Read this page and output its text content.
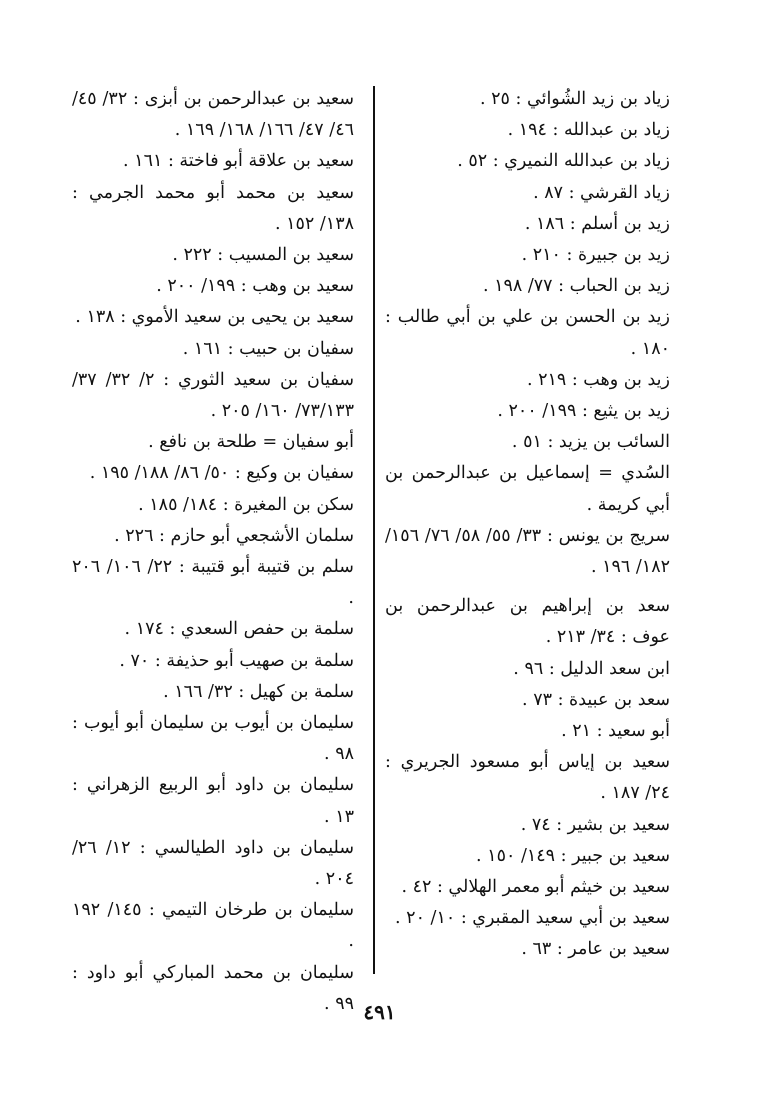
زياد بن زيد الشُوائي : ٢٥ .
زياد بن عبدالله : ١٩٤ .
زياد بن عبدالله النميري : ٥٢ .
زياد القرشي : ٨٧ .
زيد بن أسلم : ١٨٦ .
زيد بن جبيرة : ٢١٠ .
زيد بن الحباب : ٧٧/ ١٩٨ .
زيد بن الحسن بن علي بن أبي طالب : ١٨٠ .
زيد بن وهب : ٢١٩ .
زيد بن يثيع : ١٩٩/ ٢٠٠ .
السائب بن يزيد : ٥١ .
السُدي = إسماعيل بن عبدالرحمن بن أبي كريمة .
سريج بن يونس : ٣٣/ ٥٥/ ٥٨/ ٧٦/ ١٥٦/ ١٨٢/ ١٩٦ .
سعد بن إبراهيم بن عبدالرحمن بن عوف : ٣٤/ ٢١٣ .
ابن سعد الدليل : ٩٦ .
سعد بن عبيدة : ٧٣ .
أبو سعيد : ٢١ .
سعيد بن إياس أبو مسعود الجريري : ٢٤/ ١٨٧ .
سعيد بن بشير : ٧٤ .
سعيد بن جبير : ١٤٩/ ١٥٠ .
سعيد بن خيثم أبو معمر الهلالي : ٤٢ .
سعيد بن أبي سعيد المقبري : ١٠/ ٢٠ .
سعيد بن عامر : ٦٣ .
سعيد بن عبدالرحمن بن أبزى : ٣٢/ ٤٥/ ٤٦/ ٤٧/ ١٦٦/ ١٦٨/ ١٦٩ .
سعيد بن علاقة أبو فاختة : ١٦١ .
سعيد بن محمد أبو محمد الجرمي : ١٣٨/ ١٥٢ .
سعيد بن المسيب : ٢٢٢ .
سعيد بن وهب : ١٩٩/ ٢٠٠ .
سعيد بن يحيى بن سعيد الأموي : ١٣٨ .
سفيان بن حبيب : ١٦١ .
سفيان بن سعيد الثوري : ٢/ ٣٢/ ٣٧/ ٧٣/١٣٣/ ١٦٠/ ٢٠٥ .
أبو سفيان = طلحة بن نافع .
سفيان بن وكيع : ٥٠/ ٨٦/ ١٨٨/ ١٩٥ .
سكن بن المغيرة : ١٨٤/ ١٨٥ .
سلمان الأشجعي أبو حازم : ٢٢٦ .
سلم بن قتيبة أبو قتيبة : ٢٢/ ١٠٦/ ٢٠٦ .
سلمة بن حفص السعدي : ١٧٤ .
سلمة بن صهيب أبو حذيفة : ٧٠ .
سلمة بن كهيل : ٣٢/ ١٦٦ .
سليمان بن أيوب بن سليمان أبو أيوب : ٩٨ .
سليمان بن داود أبو الربيع الزهراني : ١٣ .
سليمان بن داود الطيالسي : ١٢/ ٢٦/ ٢٠٤ .
سليمان بن طرخان التيمي : ١٤٥/ ١٩٢ .
سليمان بن محمد المباركي أبو داود : ٩٩ . ٤٩١
